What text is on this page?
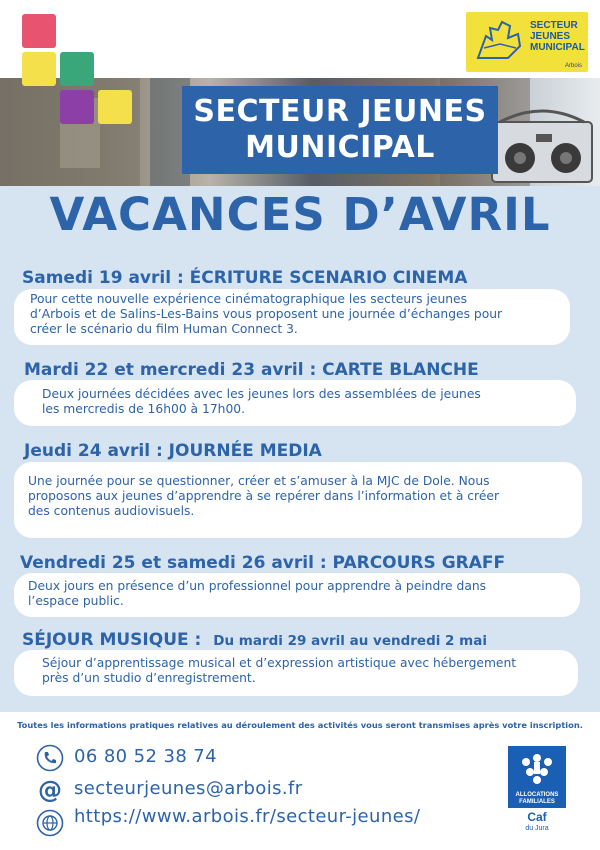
SECTEUR
JEUNES
MUNICIPAL
Arbois
SECTEUR JEUNES
MUNICIPAL
VACANCES D’AVRIL
Samedi 19 avril : ÉCRITURE SCENARIO CINEMA
Pour cette nouvelle expérience cinématographique les secteurs jeunes
d’Arbois et de Salins-Les-Bains vous proposent une journée d’échanges pour
créer le scénario du film Human Connect 3.
Mardi 22 et mercredi 23 avril : CARTE BLANCHE
Deux journées décidées avec les jeunes lors des assemblées de jeunes
les mercredis de 16h00 à 17h00.
Jeudi 24 avril : JOURNÉE MEDIA
Une journée pour se questionner, créer et s’amuser à la MJC de Dole. Nous
proposons aux jeunes d’apprendre à se repérer dans l’information et à créer
des contenus audiovisuels.
Vendredi 25 et samedi 26 avril : PARCOURS GRAFF
Deux jours en présence d’un professionnel pour apprendre à peindre dans
l’espace public.
SÉJOUR MUSIQUE : Du mardi 29 avril au vendredi 2 mai
Séjour d’apprentissage musical et d’expression artistique avec hébergement
près d’un studio d’enregistrement.
Toutes les informations pratiques relatives au déroulement des activités vous seront transmises après votre inscription.
06 80 52 38 74
@ secteurjeunes@arbois.fr
https://www.arbois.fr/secteur-jeunes/
ALLOCATIONS
FAMILIALES
Caf
du Jura
